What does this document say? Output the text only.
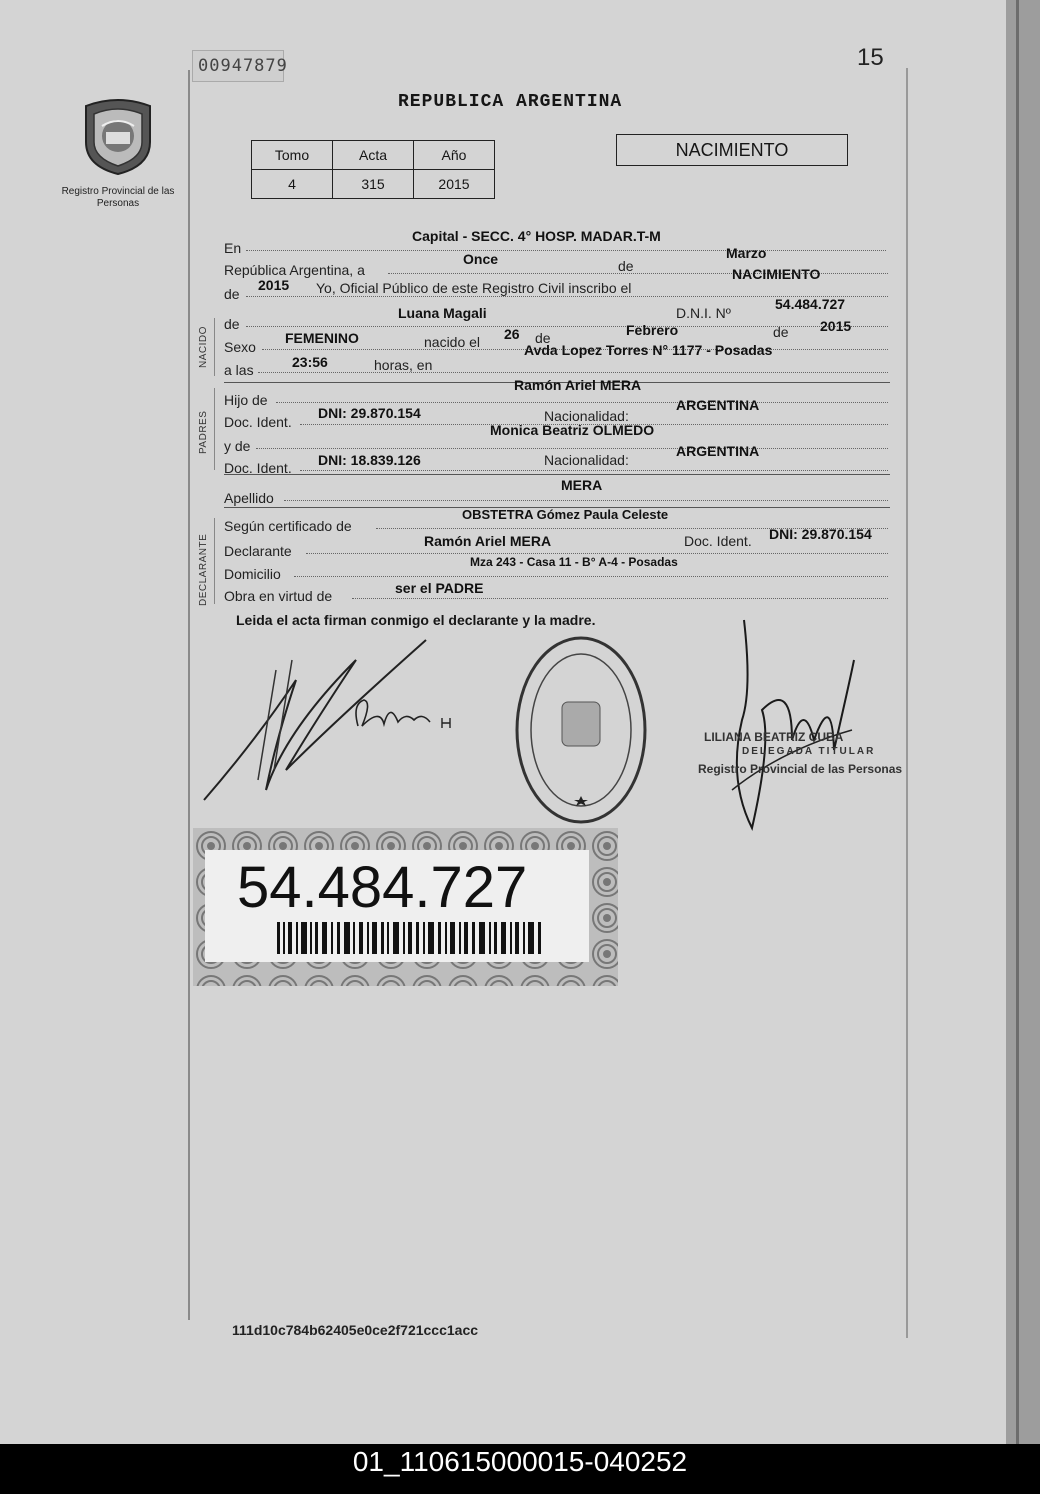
00947879	15
REPUBLICA ARGENTINA
Registro Provincial de las Personas
Tomo	Acta	Año
4	315	2015
NACIMIENTO
En
Capital - SECC. 4° HOSP. MADAR.T-M
República Argentina, a
Once	de
Marzo
de
2015 Yo, Oficial Público de este Registro Civil inscribo el
NACIMIENTO
de
Luana Magali	D.N.I. Nº
54.484.727
Sexo
FEMENINO	nacido el 26 de	Febrero	de 2015
a las	23:56	horas, en
Avda Lopez Torres N° 1177 - Posadas
Hijo de
Ramón Ariel MERA
Doc. Ident.
DNI: 29.870.154	Nacionalidad:
ARGENTINA
y de
Monica Beatriz OLMEDO
Doc. Ident. DNI: 18.839.126	Nacionalidad:
ARGENTINA
Apellido
MERA
Según certificado de
OBSTETRA Gómez Paula Celeste
Declarante
Ramón Ariel MERA	Doc. Ident. DNI: 29.870.154
Domicilio
Mza 243 - Casa 11 - B° A-4 - Posadas
Obra en virtud de	ser el PADRE
NACIDO
PADRES
DECLARANTE
Leida el acta firman conmigo el declarante y la madre.
LILIANA BEATRIZ CUBA
DELEGADA TITULAR
Registro Provincial de las Personas
54.484.727
111d10c784b62405e0ce2f721ccc1acc
01_110615000015-040252
